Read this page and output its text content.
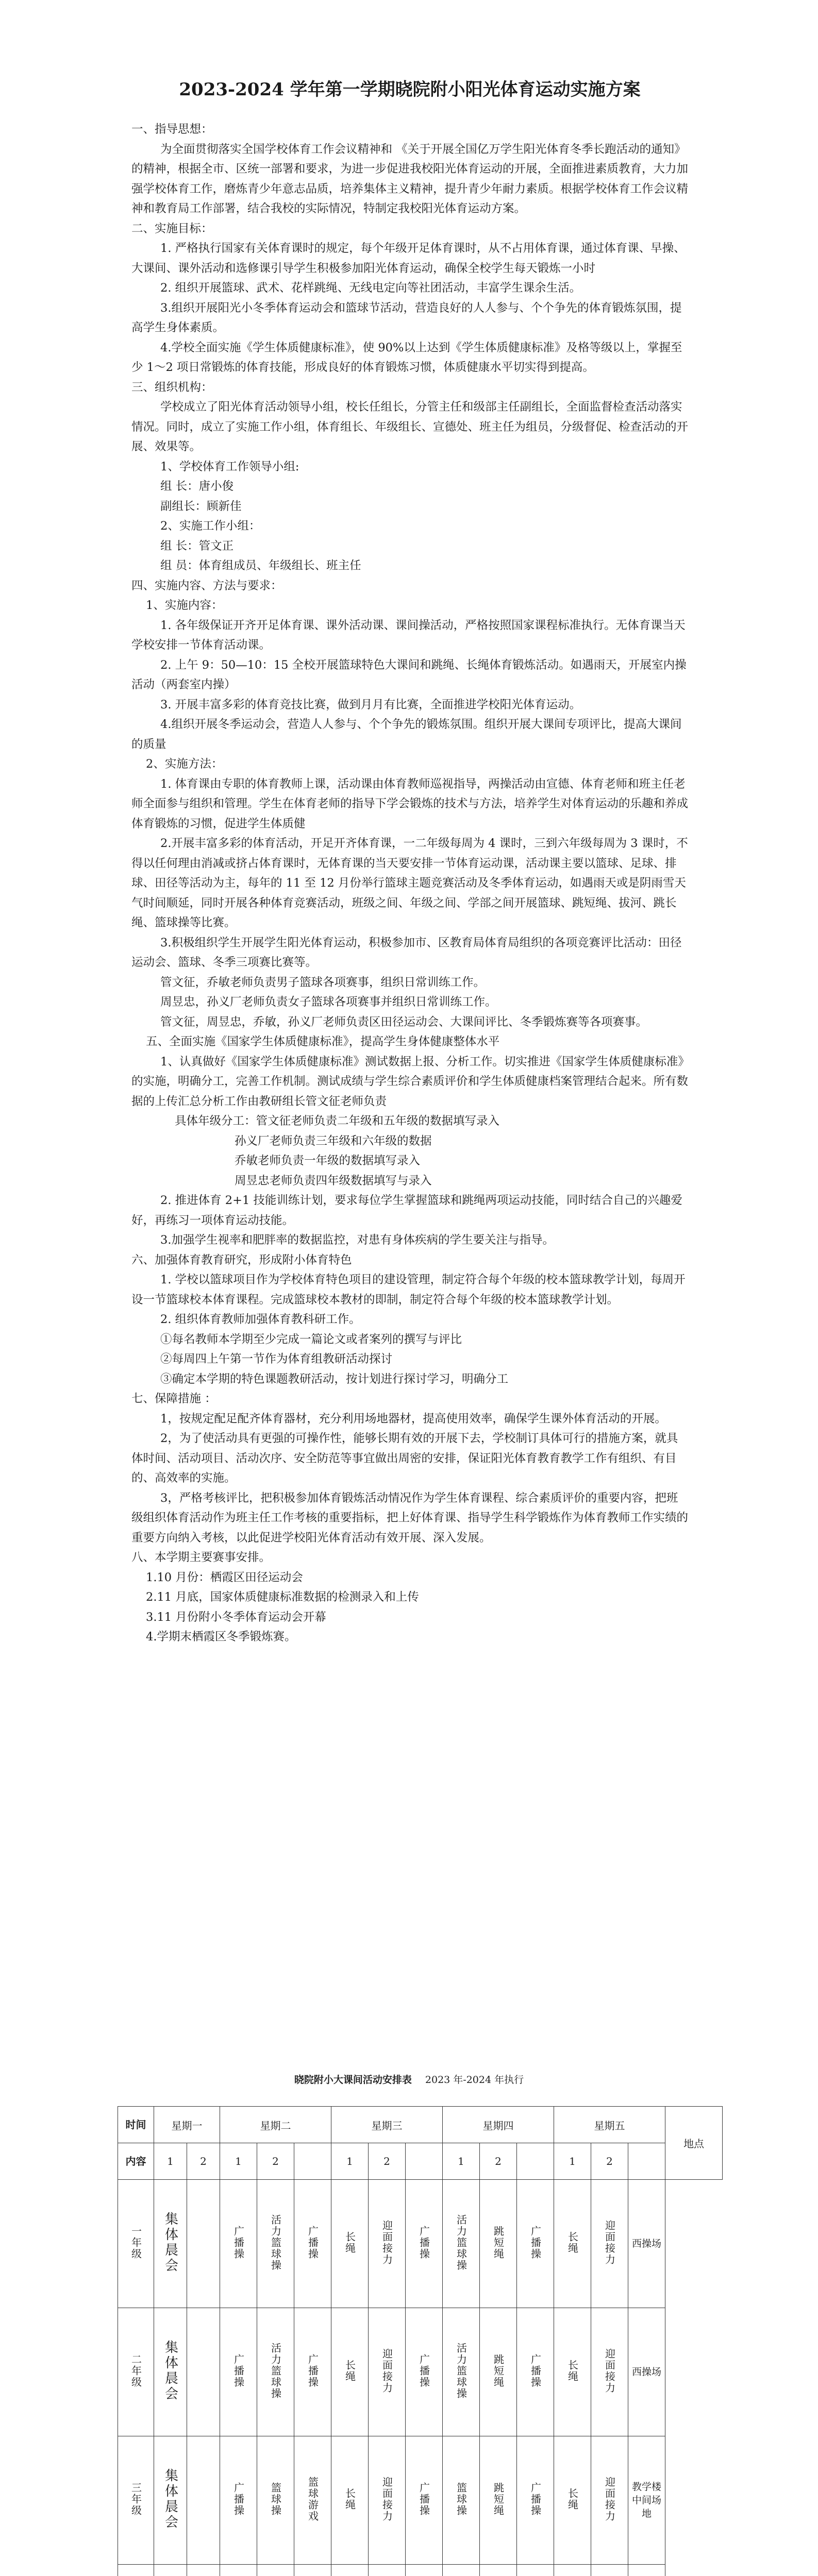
2023-2024 学年第一学期晓院附小阳光体育运动实施方案

一、指导思想：

为全面贯彻落实全国学校体育工作会议精神和 《关于开展全国亿万学生阳光体育冬季长跑活动的通知》的精神，根据全市、区统一部署和要求，为进一步促进我校阳光体育运动的开展，全面推进素质教育，大力加强学校体育工作，磨炼青少年意志品质，培养集体主义精神，提升青少年耐力素质。根据学校体育工作会议精神和教育局工作部署，结合我校的实际情况，特制定我校阳光体育运动方案。

二、实施目标：

1. 严格执行国家有关体育课时的规定，每个年级开足体育课时，从不占用体育课，通过体育课、早操、大课间、课外活动和选修课引导学生积极参加阳光体育运动，确保全校学生每天锻炼一小时

2. 组织开展篮球、武术、花样跳绳、无线电定向等社团活动，丰富学生课余生活。

3.组织开展阳光小冬季体育运动会和篮球节活动，营造良好的人人参与、个个争先的体育锻炼氛围，提高学生身体素质。

4.学校全面实施《学生体质健康标准》，使 90%以上达到《学生体质健康标准》及格等级以上，掌握至少 1～2 项日常锻炼的体育技能，形成良好的体育锻炼习惯，体质健康水平切实得到提高。

三、组织机构：

学校成立了阳光体育活动领导小组，校长任组长，分管主任和级部主任副组长，全面监督检查活动落实情况。同时，成立了实施工作小组，体育组长、年级组长、宣德处、班主任为组员，分级督促、检查活动的开展、效果等。

1、学校体育工作领导小组:

组 长：唐小俊

副组长：顾新佳

2、实施工作小组：

组 长：管文正

组 员：体育组成员、年级组长、班主任

四、实施内容、方法与要求：

1、实施内容：

1. 各年级保证开齐开足体育课、课外活动课、课间操活动，严格按照国家课程标准执行。无体育课当天学校安排一节体育活动课。

2. 上午 9：50—10：15 全校开展篮球特色大课间和跳绳、长绳体育锻炼活动。如遇雨天，开展室内操活动（两套室内操）

3. 开展丰富多彩的体育竞技比赛，做到月月有比赛，全面推进学校阳光体育运动。

4.组织开展冬季运动会，营造人人参与、个个争先的锻炼氛围。组织开展大课间专项评比，提高大课间的质量

2、实施方法：

1. 体育课由专职的体育教师上课，活动课由体育教师巡视指导，两操活动由宣德、体育老师和班主任老师全面参与组织和管理。学生在体育老师的指导下学会锻炼的技术与方法，培养学生对体育运动的乐趣和养成体育锻炼的习惯，促进学生体质健

2.开展丰富多彩的体育活动，开足开齐体育课，一二年级每周为 4 课时，三到六年级每周为 3 课时，不得以任何理由消减或挤占体育课时，无体育课的当天要安排一节体育运动课，活动课主要以篮球、足球、排球、田径等活动为主，每年的 11 至 12 月份举行篮球主题竞赛活动及冬季体育运动，如遇雨天或是阴雨雪天气时间顺延，同时开展各种体育竞赛活动，班级之间、年级之间、学部之间开展篮球、跳短绳、拔河、跳长绳、篮球操等比赛。

3.积极组织学生开展学生阳光体育运动，积极参加市、区教育局体育局组织的各项竞赛评比活动：田径运动会、篮球、冬季三项赛比赛等。

管文征，乔敏老师负责男子篮球各项赛事，组织日常训练工作。

周昱忠，孙义厂老师负责女子篮球各项赛事并组织日常训练工作。

管文征，周昱忠，乔敏，孙义厂老师负责区田径运动会、大课间评比、冬季锻炼赛等各项赛事。

五、全面实施《国家学生体质健康标准》，提高学生身体健康整体水平

1、认真做好《国家学生体质健康标准》测试数据上报、分析工作。切实推进《国家学生体质健康标准》的实施，明确分工，完善工作机制。测试成绩与学生综合素质评价和学生体质健康档案管理结合起来。所有数据的上传汇总分析工作由教研组长管文征老师负责

具体年级分工：管文征老师负责二年级和五年级的数据填写录入

孙义厂老师负责三年级和六年级的数据

乔敏老师负责一年级的数据填写录入

周昱忠老师负责四年级数据填写与录入

2. 推进体育 2+1 技能训练计划，要求每位学生掌握篮球和跳绳两项运动技能，同时结合自己的兴趣爱好，再练习一项体育运动技能。

3.加强学生视率和肥胖率的数据监控，对患有身体疾病的学生要关注与指导。

六、加强体育教育研究，形成附小体育特色

1. 学校以篮球项目作为学校体育特色项目的建设管理，制定符合每个年级的校本篮球教学计划，每周开设一节篮球校本体育课程。完成篮球校本教材的即制，制定符合每个年级的校本篮球教学计划。

2. 组织体育教师加强体育教科研工作。

①每名教师本学期至少完成一篇论文或者案列的撰写与评比

②每周四上午第一节作为体育组教研活动探讨

③确定本学期的特色课题教研活动，按计划进行探讨学习，明确分工

七、保障措施 ：

1，按规定配足配齐体育器材，充分利用场地器材，提高使用效率，确保学生课外体育活动的开展。

2，为了使活动具有更强的可操作性，能够长期有效的开展下去，学校制订具体可行的措施方案，就具体时间、活动项目、活动次序、安全防范等事宜做出周密的安排，保证阳光体育教育教学工作有组织、有目的、高效率的实施。

3，严格考核评比，把积极参加体育锻炼活动情况作为学生体育课程、综合素质评价的重要内容，把班级组织体育活动作为班主任工作考核的重要指标，把上好体育课、指导学生科学锻炼作为体育教师工作实绩的重要方向纳入考核，以此促进学校阳光体育活动有效开展、深入发展。

八、本学期主要赛事安排。

1.10 月份：栖霞区田径运动会

2.11 月底，国家体质健康标准数据的检测录入和上传

3.11 月份附小冬季体育运动会开幕

4.学期末栖霞区冬季锻炼赛。

晓院附小大课间活动安排表 2023 年-2024 年执行
时间	星期一		星期二			星期三			星期四			星期五			地点
内容	1	2	1	2		1	2		1	2		1	2		
一年级	集体晨会		广播操	活力篮球操	广播操	长绳	迎面接力	广播操	活力篮球操	跳短绳	广播操	长绳	迎面接力	西操场	
二年级	集体晨会		广播操	活力篮球操	广播操	长绳	迎面接力	广播操	活力篮球操	跳短绳	广播操	长绳	迎面接力	西操场	
三年级	集体晨会		广播操	篮球操	篮球游戏	长绳	迎面接力	广播操	篮球操	跳短绳	广播操	长绳	迎面接力	教学楼中间场地	
